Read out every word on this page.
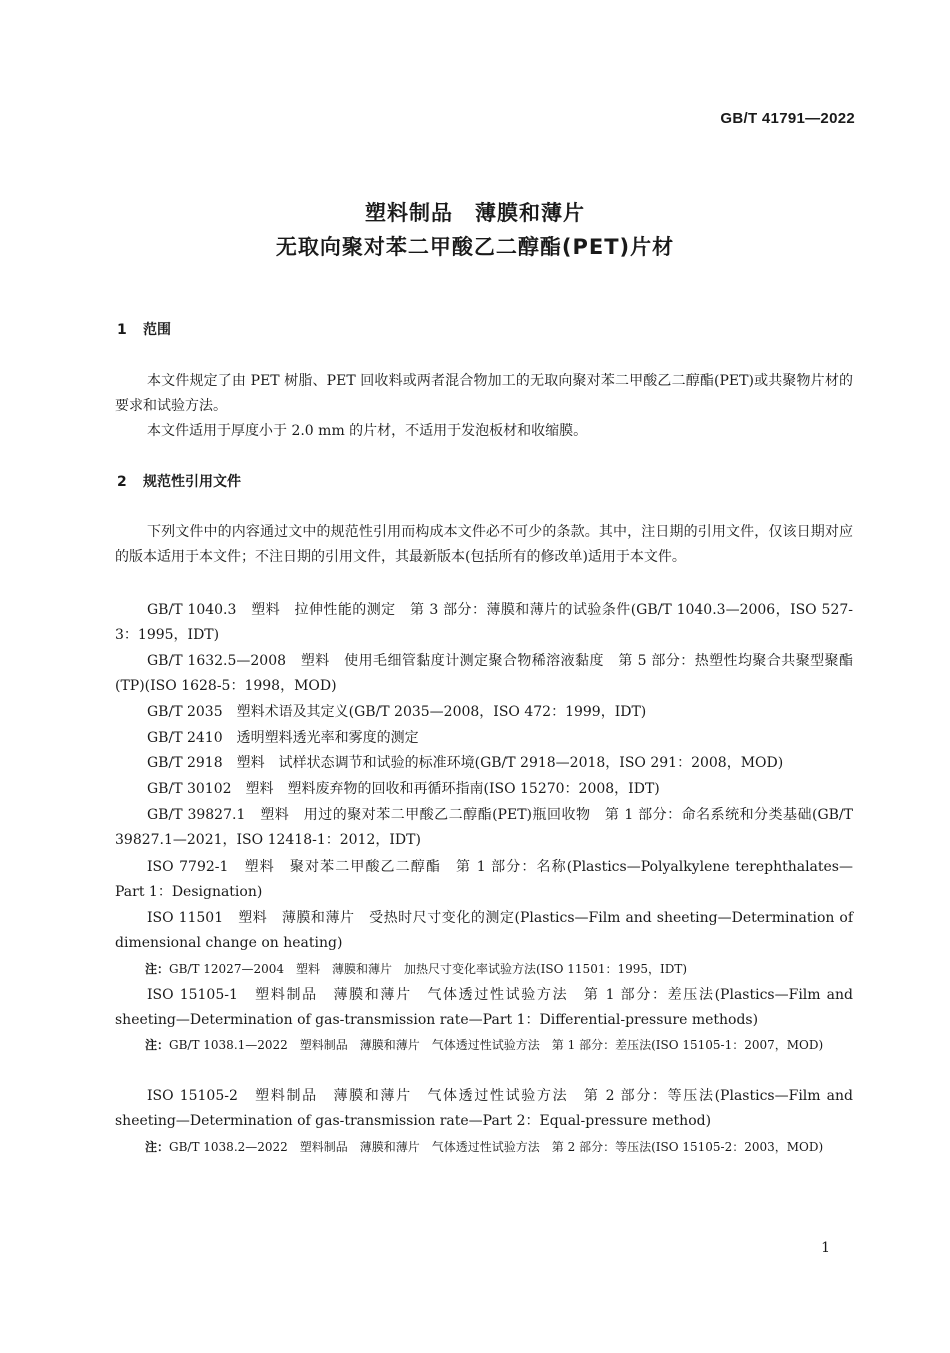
GB/T 41791—2022
塑料制品　薄膜和薄片
无取向聚对苯二甲酸乙二醇酯(PET)片材
1 范围
本文件规定了由 PET 树脂、PET 回收料或两者混合物加工的无取向聚对苯二甲酸乙二醇酯(PET)或共聚物片材的要求和试验方法。
本文件适用于厚度小于 2.0 mm 的片材，不适用于发泡板材和收缩膜。
2 规范性引用文件
下列文件中的内容通过文中的规范性引用而构成本文件必不可少的条款。其中，注日期的引用文件，仅该日期对应的版本适用于本文件；不注日期的引用文件，其最新版本(包括所有的修改单)适用于本文件。
GB/T 1040.3　塑料　拉伸性能的测定　第 3 部分：薄膜和薄片的试验条件(GB/T 1040.3—2006，ISO 527-3：1995，IDT)
GB/T 1632.5—2008　塑料　使用毛细管黏度计测定聚合物稀溶液黏度　第 5 部分：热塑性均聚合共聚型聚酯(TP)(ISO 1628-5：1998，MOD)
GB/T 2035　塑料术语及其定义(GB/T 2035—2008，ISO 472：1999，IDT)
GB/T 2410　透明塑料透光率和雾度的测定
GB/T 2918　塑料　试样状态调节和试验的标准环境(GB/T 2918—2018，ISO 291：2008，MOD)
GB/T 30102　塑料　塑料废弃物的回收和再循环指南(ISO 15270：2008，IDT)
GB/T 39827.1　塑料　用过的聚对苯二甲酸乙二醇酯(PET)瓶回收物　第 1 部分：命名系统和分类基础(GB/T 39827.1—2021，ISO 12418-1：2012，IDT)
ISO 7792-1　塑料　聚对苯二甲酸乙二醇酯　第 1 部分：名称(Plastics—Polyalkylene terephthalates—Part 1：Designation)
ISO 11501　塑料　薄膜和薄片　受热时尺寸变化的测定(Plastics—Film and sheeting—Determination of dimensional change on heating)
注：GB/T 12027—2004　塑料　薄膜和薄片　加热尺寸变化率试验方法(ISO 11501：1995，IDT)
ISO 15105-1　塑料制品　薄膜和薄片　气体透过性试验方法　第 1 部分：差压法(Plastics—Film and sheeting—Determination of gas-transmission rate—Part 1：Differential-pressure methods)
注：GB/T 1038.1—2022　塑料制品　薄膜和薄片　气体透过性试验方法　第 1 部分：差压法(ISO 15105-1：2007，MOD)
ISO 15105-2　塑料制品　薄膜和薄片　气体透过性试验方法　第 2 部分：等压法(Plastics—Film and sheeting—Determination of gas-transmission rate—Part 2：Equal-pressure method)
注：GB/T 1038.2—2022　塑料制品　薄膜和薄片　气体透过性试验方法　第 2 部分：等压法(ISO 15105-2：2003，MOD)
1
